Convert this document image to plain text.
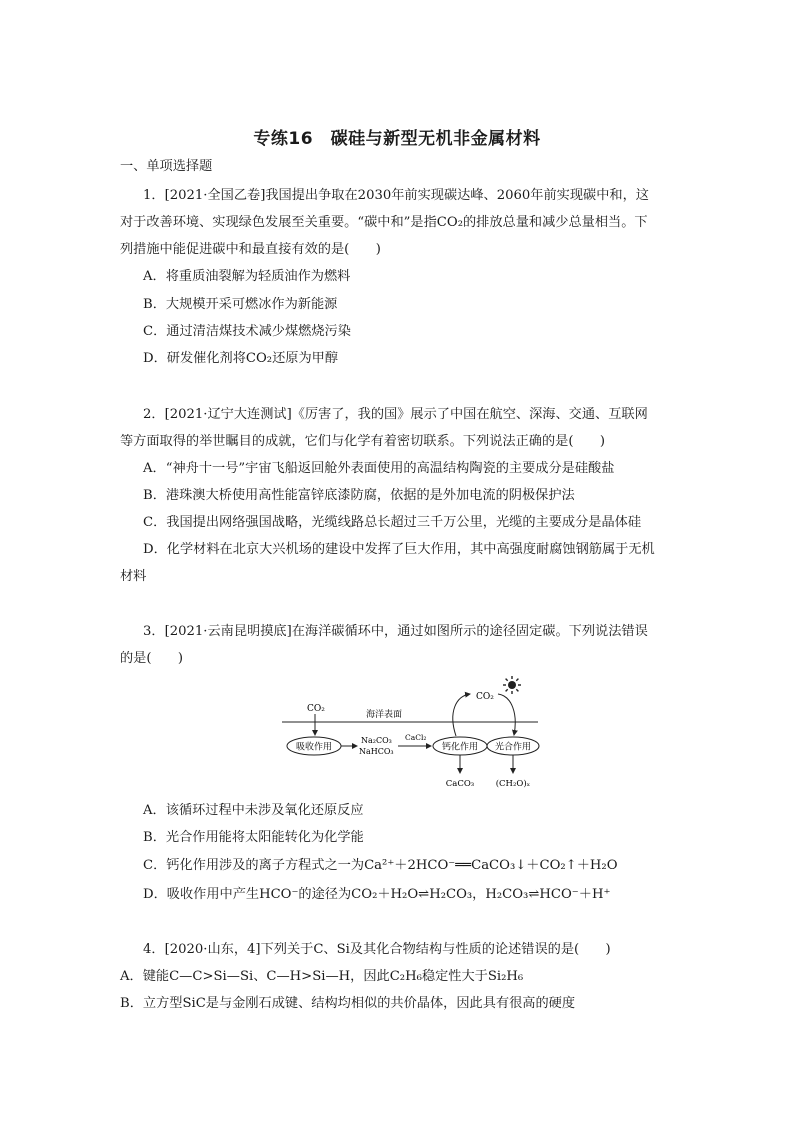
专练16　碳硅与新型无机非金属材料
一、单项选择题
1．[2021·全国乙卷]我国提出争取在2030年前实现碳达峰、2060年前实现碳中和，这
对于改善环境、实现绿色发展至关重要。“碳中和”是指CO₂的排放总量和减少总量相当。下
列措施中能促进碳中和最直接有效的是(　　)
A．将重质油裂解为轻质油作为燃料
B．大规模开采可燃冰作为新能源
C．通过清洁煤技术减少煤燃烧污染
D．研发催化剂将CO₂还原为甲醇
2．[2021·辽宁大连测试]《厉害了，我的国》展示了中国在航空、深海、交通、互联网
等方面取得的举世瞩目的成就，它们与化学有着密切联系。下列说法正确的是(　　)
A．“神舟十一号”宇宙飞船返回舱外表面使用的高温结构陶瓷的主要成分是硅酸盐
B．港珠澳大桥使用高性能富锌底漆防腐，依据的是外加电流的阴极保护法
C．我国提出网络强国战略，光缆线路总长超过三千万公里，光缆的主要成分是晶体硅
D．化学材料在北京大兴机场的建设中发挥了巨大作用，其中高强度耐腐蚀钢筋属于无机
材料
3．[2021·云南昆明摸底]在海洋碳循环中，通过如图所示的途径固定碳。下列说法错误
的是(　　)
海洋表面
CO₂
吸收作用
Na₂CO₃
NaHCO₃
CaCl₂
钙化作用 光合作用
CO₂
CaCO₃	(CH₂O)ₓ
A．该循环过程中未涉及氧化还原反应
B．光合作用能将太阳能转化为化学能
C．钙化作用涉及的离子方程式之一为Ca²⁺＋2HCO⁻══CaCO₃↓＋CO₂↑＋H₂O
D．吸收作用中产生HCO⁻的途径为CO₂＋H₂O⇌H₂CO₃，H₂CO₃⇌HCO⁻＋H⁺
4．[2020·山东，4]下列关于C、Si及其化合物结构与性质的论述错误的是(　　)
A．键能C—C>Si—Si、C—H>Si—H，因此C₂H₆稳定性大于Si₂H₆
B．立方型SiC是与金刚石成键、结构均相似的共价晶体，因此具有很高的硬度
